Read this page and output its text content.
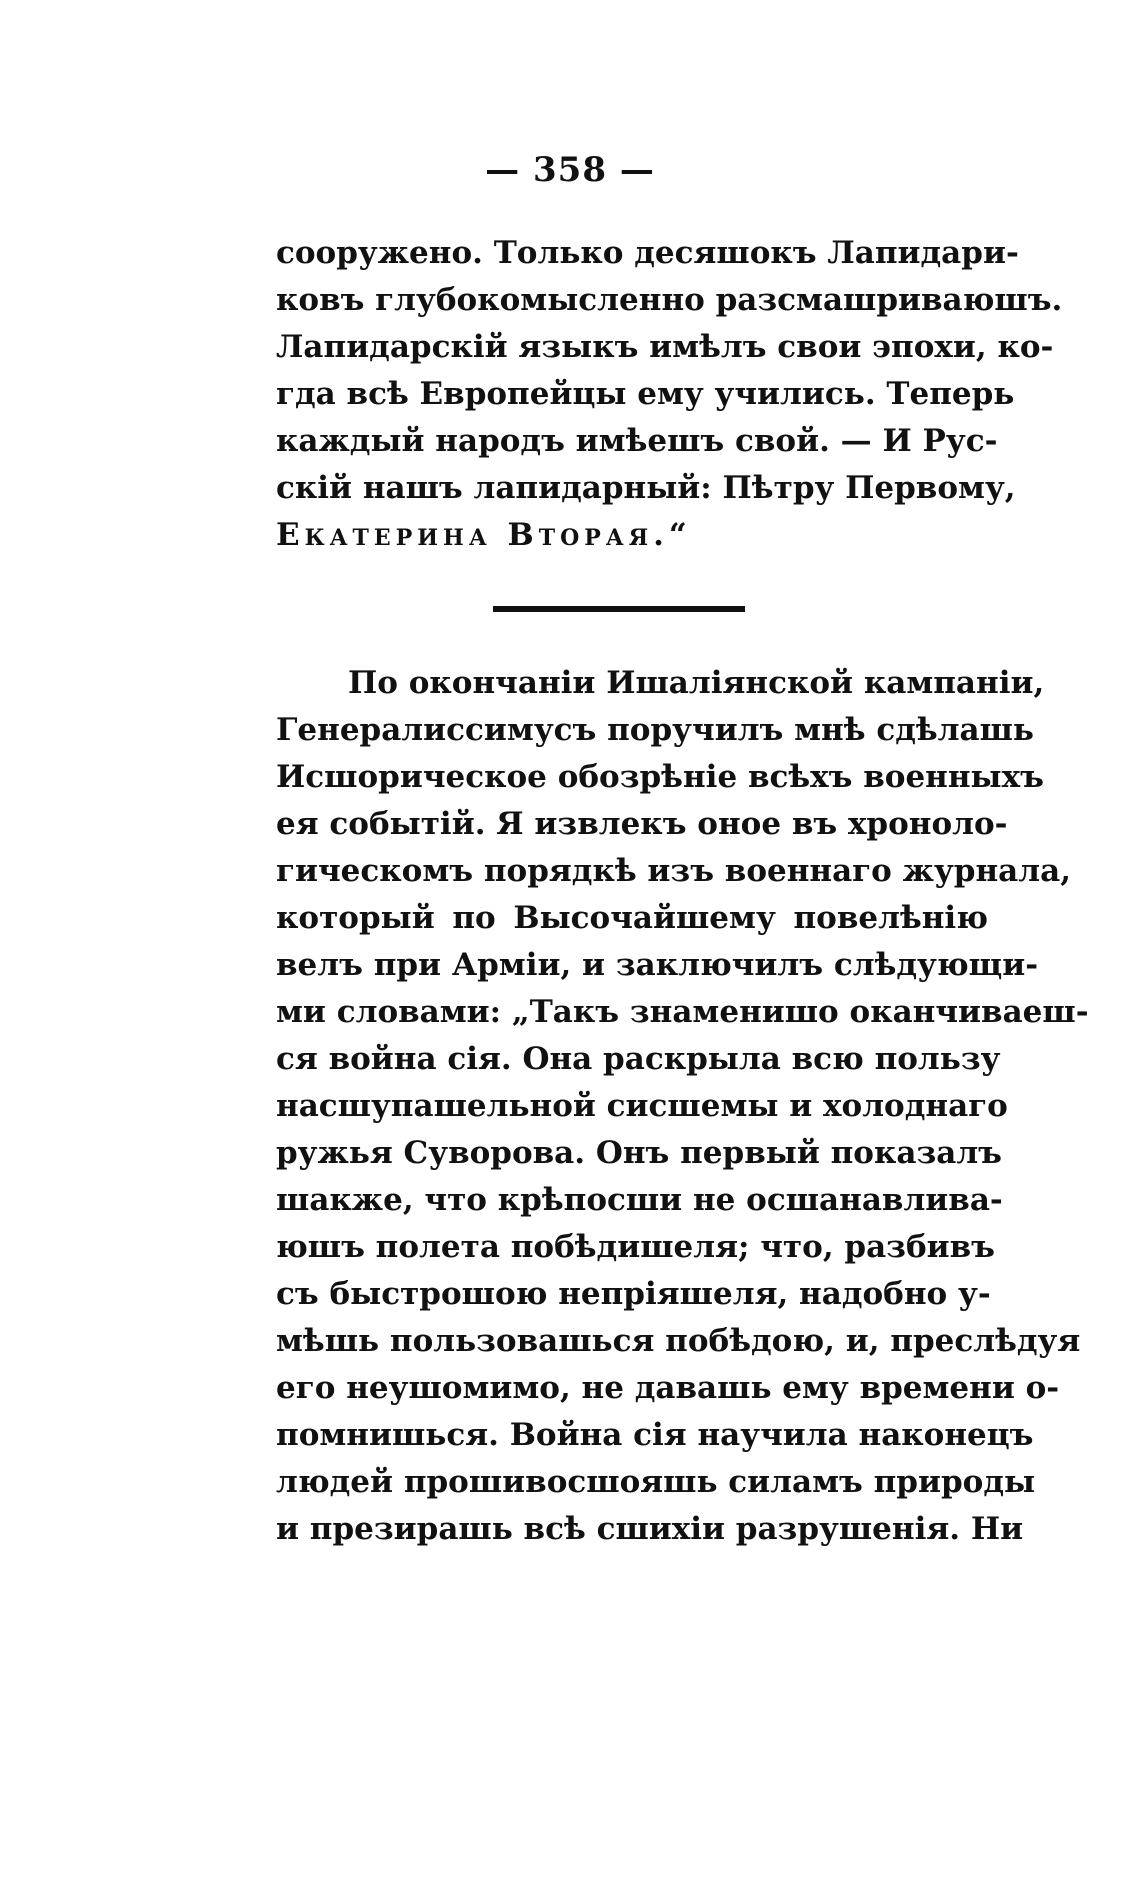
— 358 —
сооружено. Только десяшокъ Лапидари-
ковъ глубокомысленно разсмашриваюшъ.
Лапидарскій языкъ имѣлъ свои эпохи, ко-
гда всѣ Европейцы ему учились. Теперь
каждый народъ имѣешъ свой. — И Рус-
скій нашъ лапидарный: Пѣтру Первому,
Екатерина Вторая.“
По окончаніи Ишаліянской кампаніи,
Генералиссимусъ поручилъ мнѣ сдѣлашь
Исшорическое обозрѣніе всѣхъ военныхъ
ея событій. Я извлекъ оное въ хроноло-
гическомъ порядкѣ изъ военнаго журнала,
который по Высочайшему повелѣнію
велъ при Арміи, и заключилъ слѣдующи-
ми словами: „Такъ знаменишо оканчиваеш-
ся война сія. Она раскрыла всю пользу
насшупашельной сисшемы и холоднаго
ружья Суворова. Онъ первый показалъ
шакже, что крѣпосши не осшанавлива-
юшъ полета побѣдишеля; что, разбивъ
съ быстрошою непріяшеля, надобно у-
мѣшь пользовашься побѣдою, и, преслѣдуя
его неушомимо, не давашь ему времени о-
помнишься. Война сія научила наконецъ
людей прошивосшояшь силамъ природы
и презирашь всѣ сшихіи разрушенія. Ни
